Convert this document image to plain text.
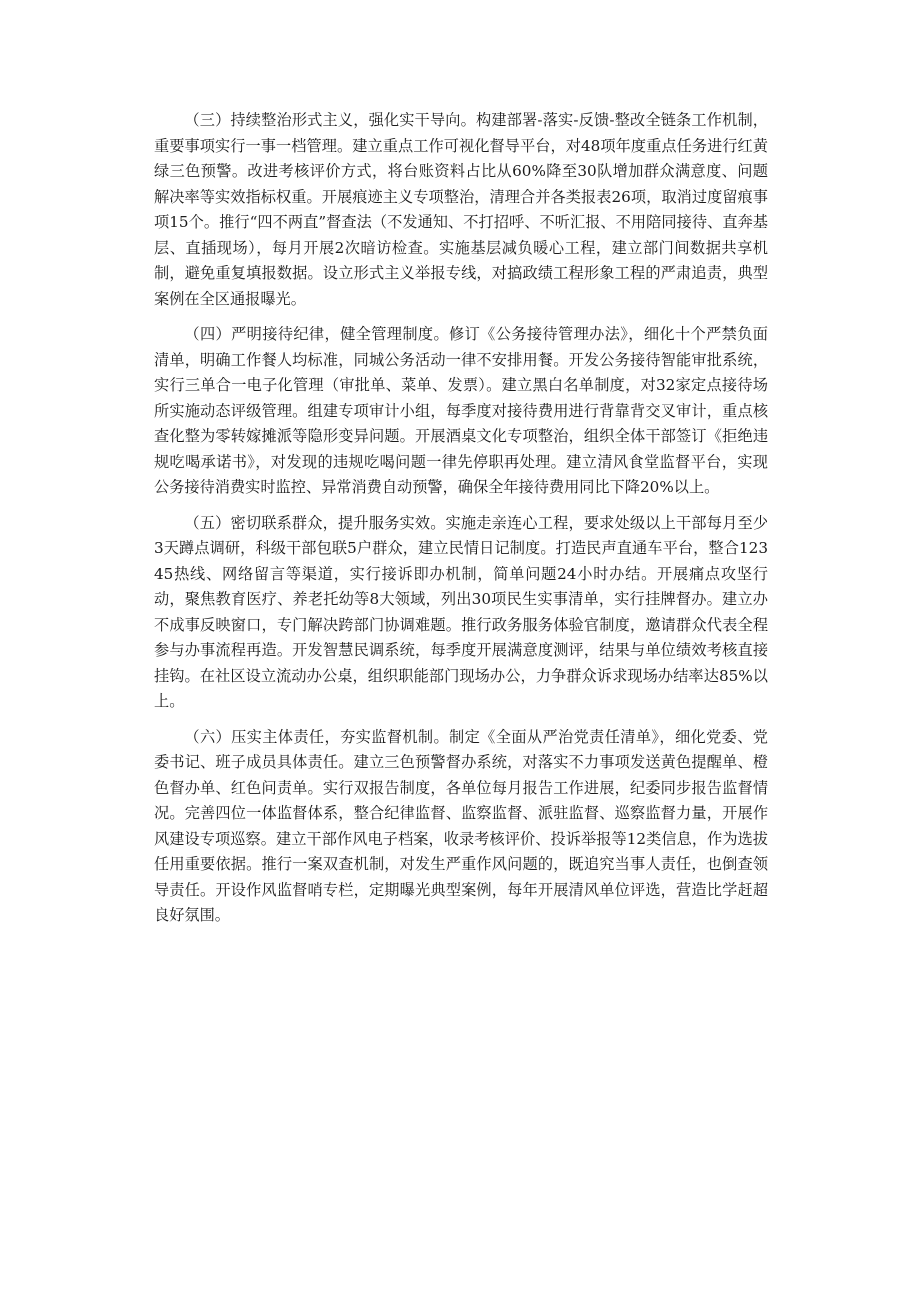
（三）持续整治形式主义，强化实干导向。构建部署-落实-反馈-整改全链条工作机制，重要事项实行一事一档管理。建立重点工作可视化督导平台，对48项年度重点任务进行红黄绿三色预警。改进考核评价方式，将台账资料占比从60%降至30队增加群众满意度、问题解决率等实效指标权重。开展痕迹主义专项整治，清理合并各类报表26项，取消过度留痕事项15个。推行“四不两直”督查法（不发通知、不打招呼、不听汇报、不用陪同接待、直奔基层、直插现场），每月开展2次暗访检查。实施基层减负暖心工程，建立部门间数据共享机制，避免重复填报数据。设立形式主义举报专线，对搞政绩工程形象工程的严肃追责，典型案例在全区通报曝光。

（四）严明接待纪律，健全管理制度。修订《公务接待管理办法》，细化十个严禁负面清单，明确工作餐人均标准，同城公务活动一律不安排用餐。开发公务接待智能审批系统，实行三单合一电子化管理（审批单、菜单、发票）。建立黑白名单制度，对32家定点接待场所实施动态评级管理。组建专项审计小组，每季度对接待费用进行背靠背交叉审计，重点核查化整为零转嫁摊派等隐形变异问题。开展酒桌文化专项整治，组织全体干部签订《拒绝违规吃喝承诺书》，对发现的违规吃喝问题一律先停职再处理。建立清风食堂监督平台，实现公务接待消费实时监控、异常消费自动预警，确保全年接待费用同比下降20%以上。

（五）密切联系群众，提升服务实效。实施走亲连心工程，要求处级以上干部每月至少3天蹲点调研，科级干部包联5户群众，建立民情日记制度。打造民声直通车平台，整合12345热线、网络留言等渠道，实行接诉即办机制，简单问题24小时办结。开展痛点攻坚行动，聚焦教育医疗、养老托幼等8大领域，列出30项民生实事清单，实行挂牌督办。建立办不成事反映窗口，专门解决跨部门协调难题。推行政务服务体验官制度，邀请群众代表全程参与办事流程再造。开发智慧民调系统，每季度开展满意度测评，结果与单位绩效考核直接挂钩。在社区设立流动办公桌，组织职能部门现场办公，力争群众诉求现场办结率达85%以上。

（六）压实主体责任，夯实监督机制。制定《全面从严治党责任清单》，细化党委、党委书记、班子成员具体责任。建立三色预警督办系统，对落实不力事项发送黄色提醒单、橙色督办单、红色问责单。实行双报告制度，各单位每月报告工作进展，纪委同步报告监督情况。完善四位一体监督体系，整合纪律监督、监察监督、派驻监督、巡察监督力量，开展作风建设专项巡察。建立干部作风电子档案，收录考核评价、投诉举报等12类信息，作为选拔任用重要依据。推行一案双查机制，对发生严重作风问题的，既追究当事人责任，也倒查领导责任。开设作风监督哨专栏，定期曝光典型案例，每年开展清风单位评选，营造比学赶超良好氛围。
